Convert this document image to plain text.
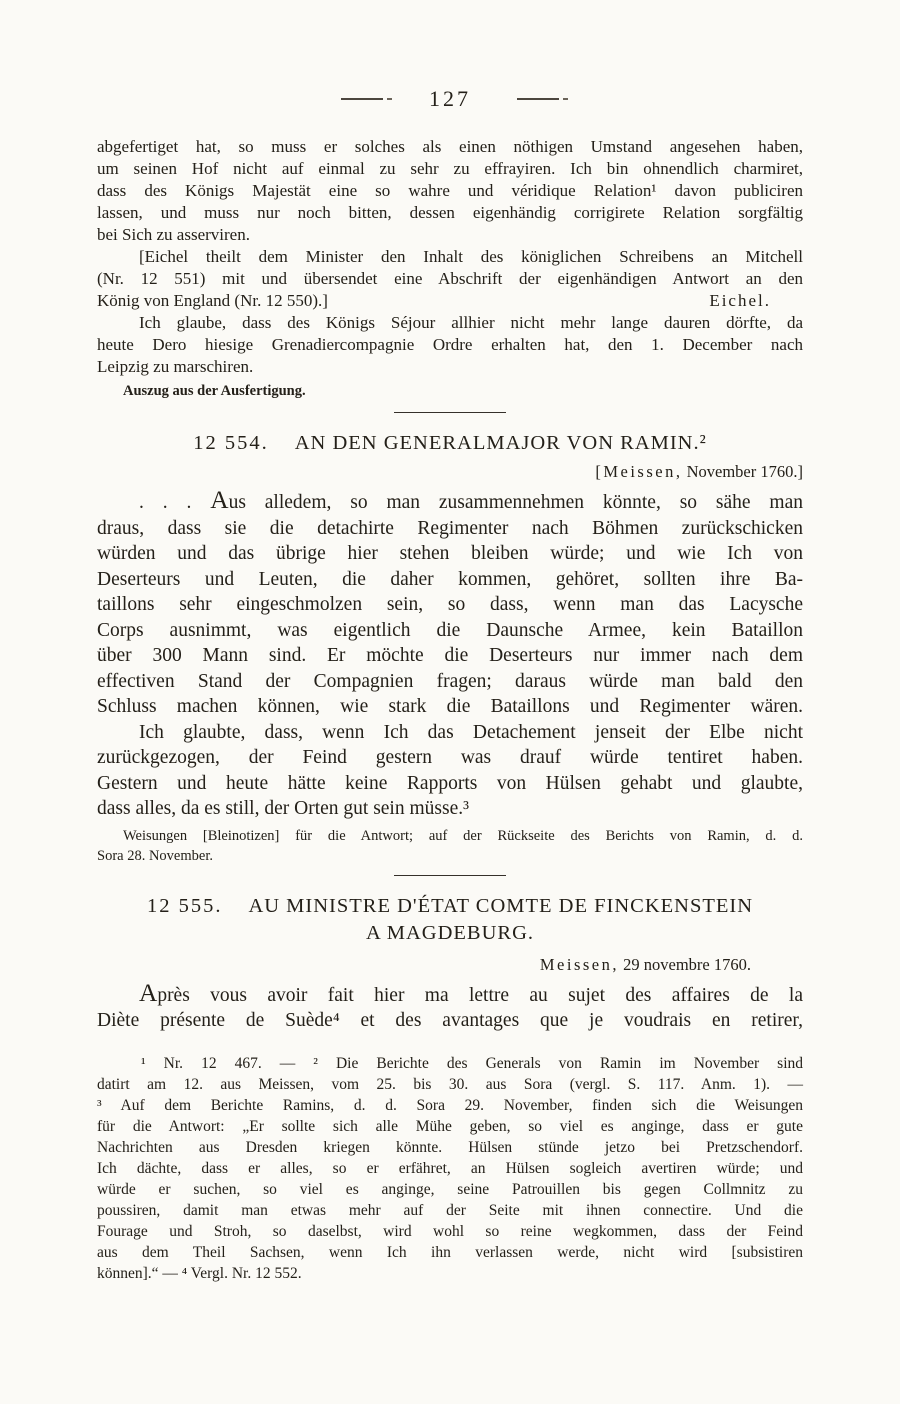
127
abgefertiget hat, so muss er solches als einen nöthigen Umstand angesehen haben,
um seinen Hof nicht auf einmal zu sehr zu effrayiren. Ich bin ohnendlich charmiret,
dass des Königs Majestät eine so wahre und véridique Relation¹ davon publiciren
lassen, und muss nur noch bitten, dessen eigenhändig corrigirete Relation sorgfältig
bei Sich zu asserviren.
[Eichel theilt dem Minister den Inhalt des königlichen Schreibens an Mitchell
(Nr. 12 551) mit und übersendet eine Abschrift der eigenhändigen Antwort an den
König von England (Nr. 12 550).]	Eichel.
Ich glaube, dass des Königs Séjour allhier nicht mehr lange dauren dörfte, da
heute Dero hiesige Grenadiercompagnie Ordre erhalten hat, den 1. December nach
Leipzig zu marschiren.
Auszug aus der Ausfertigung.
12 554. AN DEN GENERALMAJOR VON RAMIN.²
[Meissen, November 1760.]
. . . Aus alledem, so man zusammennehmen könnte, so sähe man
draus, dass sie die detachirte Regimenter nach Böhmen zurückschicken
würden und das übrige hier stehen bleiben würde; und wie Ich von
Deserteurs und Leuten, die daher kommen, gehöret, sollten ihre Ba-
taillons sehr eingeschmolzen sein, so dass, wenn man das Lacysche
Corps ausnimmt, was eigentlich die Daunsche Armee, kein Bataillon
über 300 Mann sind. Er möchte die Deserteurs nur immer nach dem
effectiven Stand der Compagnien fragen; daraus würde man bald den
Schluss machen können, wie stark die Bataillons und Regimenter wären.
Ich glaubte, dass, wenn Ich das Detachement jenseit der Elbe nicht
zurückgezogen, der Feind gestern was drauf würde tentiret haben.
Gestern und heute hätte keine Rapports von Hülsen gehabt und glaubte,
dass alles, da es still, der Orten gut sein müsse.³
Weisungen [Bleinotizen] für die Antwort; auf der Rückseite des Berichts von Ramin, d. d.
Sora 28. November.
12 555. AU MINISTRE D'ÉTAT COMTE DE FINCKENSTEIN
A MAGDEBURG.
Meissen, 29 novembre 1760.
Après vous avoir fait hier ma lettre au sujet des affaires de la
Diète présente de Suède⁴ et des avantages que je voudrais en retirer,
¹ Nr. 12 467. — ² Die Berichte des Generals von Ramin im November sind
datirt am 12. aus Meissen, vom 25. bis 30. aus Sora (vergl. S. 117. Anm. 1). —
³ Auf dem Berichte Ramins, d. d. Sora 29. November, finden sich die Weisungen
für die Antwort: „Er sollte sich alle Mühe geben, so viel es anginge, dass er gute
Nachrichten aus Dresden kriegen könnte. Hülsen stünde jetzo bei Pretzschendorf.
Ich dächte, dass er alles, so er erfähret, an Hülsen sogleich avertiren würde; und
würde er suchen, so viel es anginge, seine Patrouillen bis gegen Collmnitz zu
poussiren, damit man etwas mehr auf der Seite mit ihnen connectire. Und die
Fourage und Stroh, so daselbst, wird wohl so reine wegkommen, dass der Feind
aus dem Theil Sachsen, wenn Ich ihn verlassen werde, nicht wird [subsistiren
können].“ — ⁴ Vergl. Nr. 12 552.
